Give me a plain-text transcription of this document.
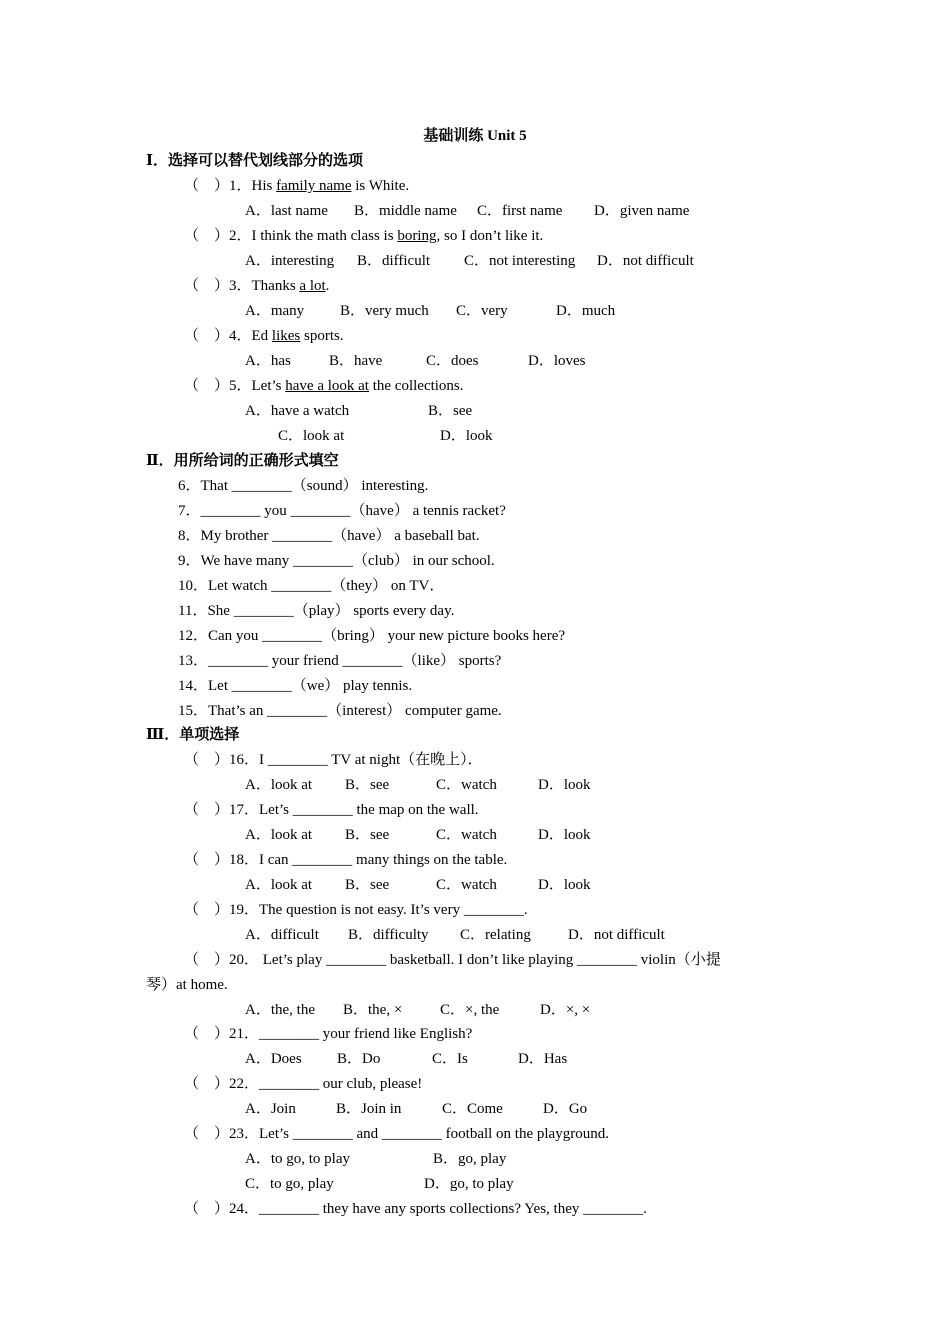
基础训练 Unit 5
Ⅰ．选择可以替代划线部分的选项
（    ）1．His family name is White.
A．last name B．middle name C．first name D．given name
（    ）2．I think the math class is boring, so I don’t like it.
A．interesting B．difficult C．not interesting D．not difficult
（    ）3．Thanks a lot.
A．many B．very much C．very	D．much
（    ）4．Ed likes sports.
A．has	B．have	C．does	D．loves
（    ）5．Let’s have a look at the collections.
A．have a watch	B．see
C．look at	D．look
Ⅱ．用所给词的正确形式填空
6．That ________（sound） interesting.
7．________ you ________（have） a tennis racket?
8．My brother ________（have） a baseball bat.
9．We have many ________（club） in our school.
10．Let watch ________（they） on TV．
11．She ________（play） sports every day.
12．Can you ________（bring） your new picture books here?
13．________ your friend ________（like） sports?
14．Let ________（we） play tennis.
15．That’s an ________（interest） computer game.
Ⅲ．单项选择
（    ）16．I ________ TV at night（在晚上）．
A．look at B．see	C．watch	D．look
（    ）17．Let’s ________ the map on the wall.
A．look at B．see	C．watch	D．look
（    ）18．I can ________ many things on the table.
A．look at B．see	C．watch	D．look
（    ）19．The question is not easy. It’s very ________.
A．difficult B．difficulty C．relating D．not difficult
（    ）20． Let’s play ________ basketball. I don’t like playing ________ violin（小提
琴）at home.
A．the, the B．the, ×	C．×, the	D．×, ×
（    ）21．________ your friend like English?
A．Does B．Do	C．Is	D．Has
（    ）22．________ our club, please!
A．Join	B．Join in	C．Come	D．Go
（    ）23．Let’s ________ and ________ football on the playground.
A．to go, to play	B．go, play
C．to go, play	D．go, to play
（    ）24．________ they have any sports collections? Yes, they ________.
